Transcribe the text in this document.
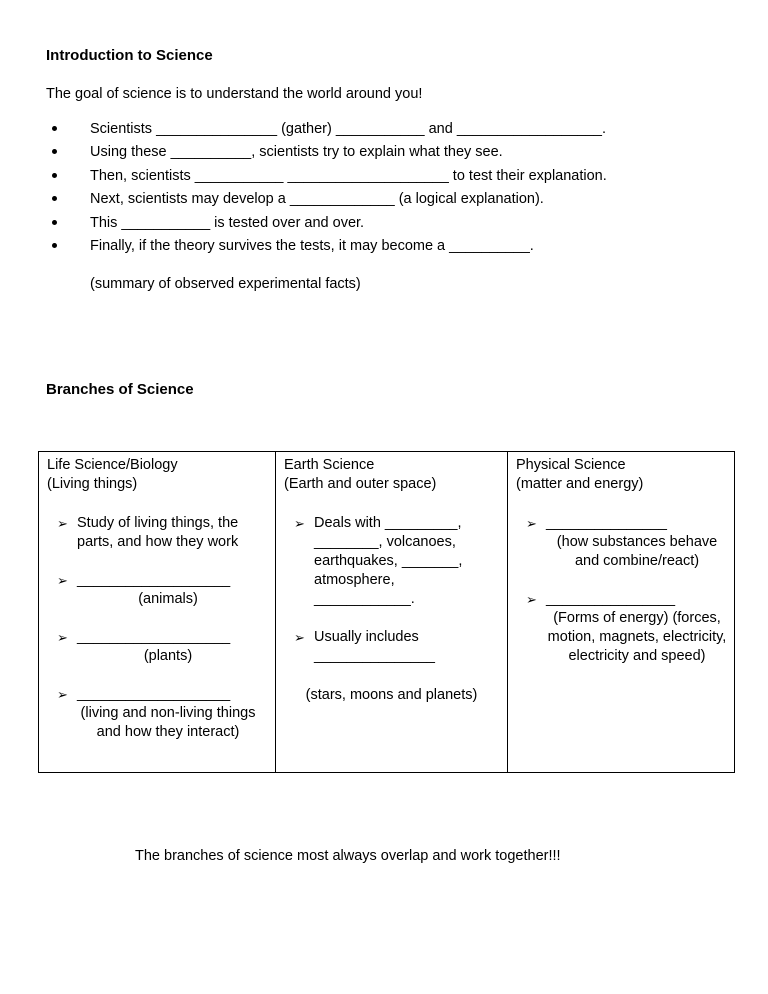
Introduction to Science
The goal of science is to understand the world around you!
Scientists _______________ (gather) ___________ and __________________.
Using these __________, scientists try to explain what they see.
Then, scientists ___________ ____________________ to test their explanation.
Next, scientists may develop a _____________ (a logical explanation).
This ___________ is tested over and over.
Finally, if the theory survives the tests, it may become a __________.
(summary of observed experimental facts)
Branches of Science
Life Science/Biology
(Living things)
➢ Study of living things, the parts, and how they work
➢ ___________________
(animals)
➢ ___________________
(plants)
➢ ___________________
(living and non-living things and how they interact)

Earth Science
(Earth and outer space)
➢ Deals with _________, ________, volcanoes, earthquakes, _______, atmosphere, ____________.
➢ Usually includes _______________
(stars, moons and planets)

Physical Science
(matter and energy)
➢ _______________
(how substances behave and combine/react)
➢ ________________
(Forms of energy) (forces, motion, magnets, electricity, electricity and speed)
The branches of science most always overlap and work together!!!
